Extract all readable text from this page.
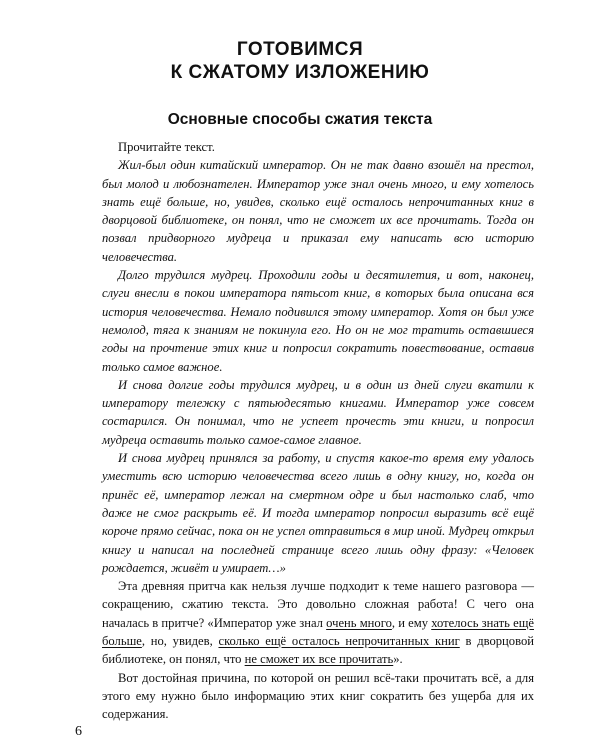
ГОТОВИМСЯ
К СЖАТОМУ ИЗЛОЖЕНИЮ
Основные способы сжатия текста

Прочитайте текст.

Жил-был один китайский император. Он не так давно взошёл на престол, был молод и любознателен. Император уже знал очень много, и ему хотелось знать ещё больше, но, увидев, сколько ещё осталось непрочитанных книг в дворцовой библиотеке, он понял, что не сможет их все прочитать. Тогда он позвал придворного мудреца и приказал ему написать всю историю человечества.

Долго трудился мудрец. Проходили годы и десятилетия, и вот, наконец, слуги внесли в покои императора пятьсот книг, в которых была описана вся история человечества. Немало подивился этому император. Хотя он был уже немолод, тяга к знаниям не покинула его. Но он не мог тратить оставшиеся годы на прочтение этих книг и попросил сократить повествование, оставив только самое важное.

И снова долгие годы трудился мудрец, и в один из дней слуги вкатили к императору тележку с пятьюдесятью книгами. Император уже совсем состарился. Он понимал, что не успеет прочесть эти книги, и попросил мудреца оставить только самое-самое главное.

И снова мудрец принялся за работу, и спустя какое-то время ему удалось уместить всю историю человечества всего лишь в одну книгу, но, когда он принёс её, император лежал на смертном одре и был настолько слаб, что даже не смог раскрыть её. И тогда император попросил выразить всё ещё короче прямо сейчас, пока он не успел отправиться в мир иной. Мудрец открыл книгу и написал на последней странице всего лишь одну фразу: «Человек рождается, живёт и умирает…»

Эта древняя притча как нельзя лучше подходит к теме нашего разговора — сокращению, сжатию текста. Это довольно сложная работа! С чего она началась в притче? «Император уже знал очень много, и ему хотелось знать ещё больше, но, увидев, сколько ещё осталось непрочитанных книг в дворцовой библиотеке, он понял, что не сможет их все прочитать».

Вот достойная причина, по которой он решил всё-таки прочитать всё, а для этого ему нужно было информацию этих книг сократить без ущерба для их содержания.

6
